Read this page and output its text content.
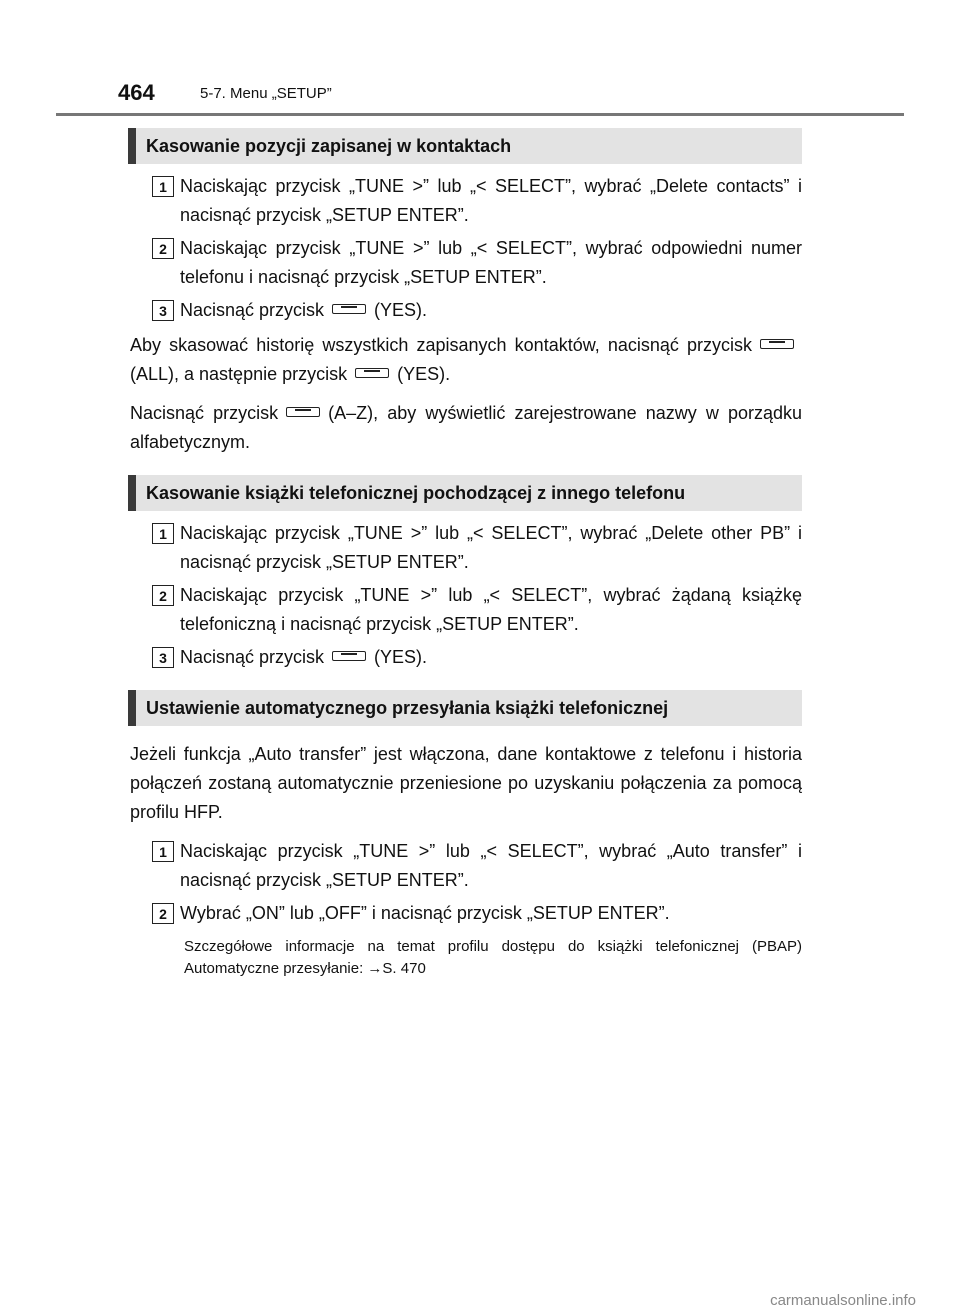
464	5-7. Menu „SETUP”
Kasowanie pozycji zapisanej w kontaktach
1 Naciskając przycisk „TUNE >” lub „< SELECT”, wybrać „Delete contacts” i nacisnąć przycisk „SETUP ENTER”.
2 Naciskając przycisk „TUNE >” lub „< SELECT”, wybrać odpowiedni numer telefonu i nacisnąć przycisk „SETUP ENTER”.
3 Nacisnąć przycisk	(YES).

Aby skasować historię wszystkich zapisanych kontaktów, nacisnąć przycisk(ALL), a następnie przycisk	(YES).

Nacisnąć przycisk	(A–Z), aby wyświetlić zarejestrowane nazwy w porządku alfabetycznym.

Kasowanie książki telefonicznej pochodzącej z innego telefonu
1 Naciskając przycisk „TUNE >” lub „< SELECT”, wybrać „Delete other PB” i nacisnąć przycisk „SETUP ENTER”.
2 Naciskając przycisk „TUNE >” lub „< SELECT”, wybrać żądaną książkę telefoniczną i nacisnąć przycisk „SETUP ENTER”.
3 Nacisnąć przycisk	(YES).
Ustawienie automatycznego przesyłania książki telefonicznej

Jeżeli funkcja „Auto transfer” jest włączona, dane kontaktowe z telefonu i historia połączeń zostaną automatycznie przeniesione po uzyskaniu połączenia za pomocą profilu HFP.

1 Naciskając przycisk „TUNE >” lub „< SELECT”, wybrać „Auto transfer” i nacisnąć przycisk „SETUP ENTER”.
2 Wybrać „ON” lub „OFF” i nacisnąć przycisk „SETUP ENTER”.
Szczegółowe informacje na temat profilu dostępu do książki telefonicznej (PBAP) Automatyczne przesyłanie: →S. 470
carmanualsonline.info
